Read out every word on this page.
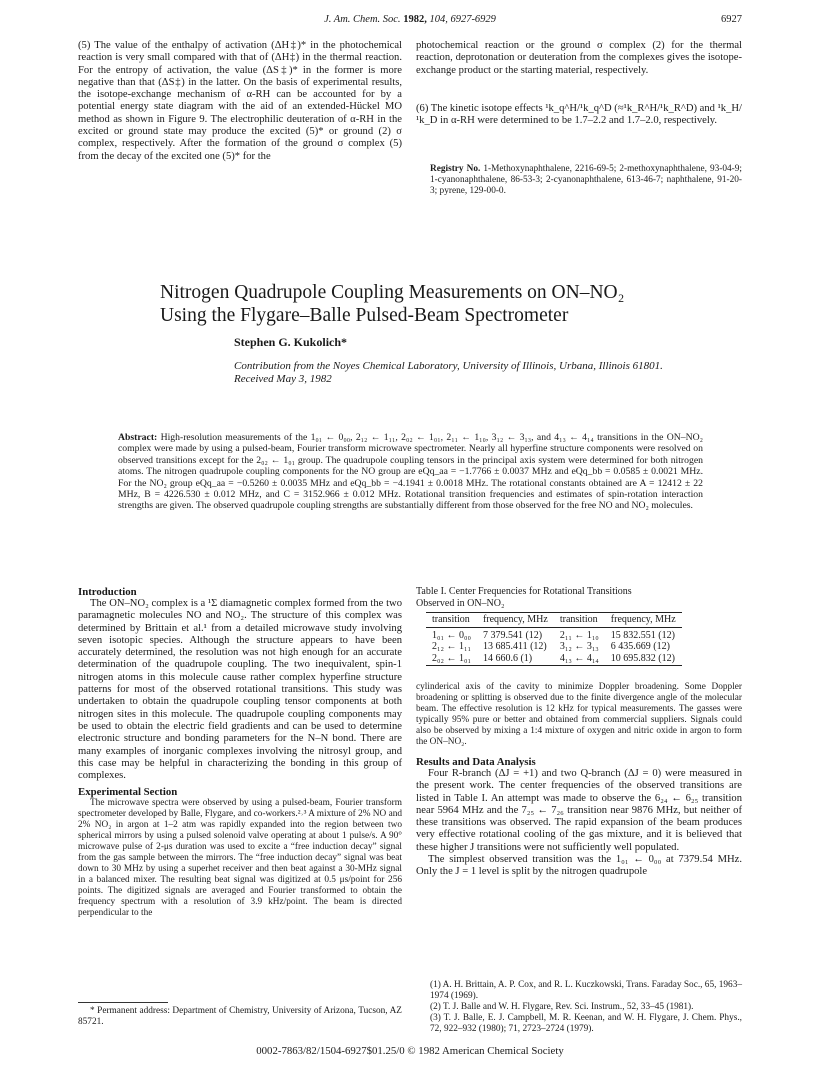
J. Am. Chem. Soc. 1982, 104, 6927-6929	6927

(5) The value of the enthalpy of activation (ΔH‡)* in the photochemical reaction is very small compared with that of (ΔH‡) in the thermal reaction. For the entropy of activation, the value (ΔS‡)* in the former is more negative than that (ΔS‡) in the latter. On the basis of experimental results, the isotope-exchange mechanism of α-RH can be accounted for by a potential energy state diagram with the aid of an extended-Hückel MO method as shown in Figure 9. The electrophilic deuteration of α-RH in the excited or ground state may produce the excited (5)* or ground (2) σ complex, respectively. After the formation of the ground σ complex (5) from the decay of the excited one (5)* for the

photochemical reaction or the ground σ complex (2) for the thermal reaction, deprotonation or deuteration from the complexes gives the isotope-exchange product or the starting material, respectively.

(6) The kinetic isotope effects ¹k_q^H/¹k_q^D (≈¹k_R^H/¹k_R^D) and ¹k_H/¹k_D in α-RH were determined to be 1.7–2.2 and 1.7–2.0, respectively.

Registry No. 1-Methoxynaphthalene, 2216-69-5; 2-methoxynaphthalene, 93-04-9; 1-cyanonaphthalene, 86-53-3; 2-cyanonaphthalene, 613-46-7; naphthalene, 91-20-3; pyrene, 129-00-0.

Nitrogen Quadrupole Coupling Measurements on ON–NO₂
Using the Flygare–Balle Pulsed-Beam Spectrometer
Stephen G. Kukolich*
Contribution from the Noyes Chemical Laboratory, University of Illinois, Urbana, Illinois 61801.
Received May 3, 1982

Abstract: High-resolution measurements of the 1₀₁ ← 0₀₀, 2₁₂ ← 1₁₁, 2₀₂ ← 1₀₁, 2₁₁ ← 1₁₀, 3₁₂ ← 3₁₃, and 4₁₃ ← 4₁₄ transitions in the ON–NO₂ complex were made by using a pulsed-beam, Fourier transform microwave spectrometer. Nearly all hyperfine structure components were resolved on observed transitions except for the 2₀₂ ← 1₀₁ group. The quadrupole coupling tensors in the principal axis system were determined for both nitrogen atoms. The nitrogen quadrupole coupling components for the NO group are eQq_aa = −1.7766 ± 0.0037 MHz and eQq_bb = 0.0585 ± 0.0021 MHz. For the NO₂ group eQq_aa = −0.5260 ± 0.0035 MHz and eQq_bb = −4.1941 ± 0.0018 MHz. The rotational constants obtained are A = 12412 ± 22 MHz, B = 4226.530 ± 0.012 MHz, and C = 3152.966 ± 0.012 MHz. Rotational transition frequencies and estimates of spin-rotation interaction strengths are given. The observed quadrupole coupling strengths are substantially different from those observed for the free NO and NO₂ molecules.

Introduction

The ON–NO₂ complex is a ¹Σ diamagnetic complex formed from the two paramagnetic molecules NO and NO₂. The structure of this complex was determined by Brittain et al.¹ from a detailed microwave study involving seven isotopic species. Although the structure appears to have been accurately determined, the resolution was not high enough for an accurate determination of the quadrupole coupling. The two inequivalent, spin-1 nitrogen atoms in this molecule cause rather complex hyperfine structure patterns for most of the observed rotational transitions. This study was undertaken to obtain the quadrupole coupling tensor components at both nitrogen sites in this molecule. The quadrupole coupling components may be used to obtain the electric field gradients and can be used to determine electronic structure and bonding parameters for the N–N bond. There are many examples of inorganic complexes involving the nitrosyl group, and this case may be helpful in characterizing the bonding in this group of complexes.

Experimental Section

The microwave spectra were observed by using a pulsed-beam, Fourier transform spectrometer developed by Balle, Flygare, and co-workers.²˒³ A mixture of 2% NO and 2% NO₂ in argon at 1–2 atm was rapidly expanded into the region between two spherical mirrors by using a pulsed solenoid valve operating at about 1 pulse/s. A 90° microwave pulse of 2-μs duration was used to excite a “free induction decay” signal from the gas sample between the mirrors. The “free induction decay” signal was beat down to 30 MHz by using a superhet receiver and then beat against a 30-MHz signal in a balanced mixer. The resulting beat signal was digitized at 0.5 μs/point for 256 points. The digitized signals are averaged and Fourier transformed to obtain the frequency spectrum with a resolution of 3.9 kHz/point. The beam is directed perpendicular to the

* Permanent address: Department of Chemistry, University of Arizona, Tucson, AZ 85721.

Table I. Center Frequencies for Rotational Transitions
Observed in ON–NO₂
transition	frequency, MHz	transition	frequency, MHz
1₀₁ ← 0₀₀	7 379.541 (12)	2₁₁ ← 1₁₀	15 832.551 (12)
2₁₂ ← 1₁₁	13 685.411 (12)	3₁₂ ← 3₁₃	6 435.669 (12)
2₀₂ ← 1₀₁	14 660.6 (1)	4₁₃ ← 4₁₄	10 695.832 (12)

cylinderical axis of the cavity to minimize Doppler broadening. Some Doppler broadening or splitting is observed due to the finite divergence angle of the molecular beam. The effective resolution is 12 kHz for typical measurements. The gasses were typically 95% pure or better and obtained from commercial suppliers. Signals could also be observed by mixing a 1:4 mixture of oxygen and nitric oxide in argon to form the ON–NO₂.

Results and Data Analysis

Four R-branch (ΔJ = +1) and two Q-branch (ΔJ = 0) were measured in the present work. The center frequencies of the observed transitions are listed in Table I. An attempt was made to observe the 6₂₄ ← 6₂₅ transition near 5964 MHz and the 7₂₅ ← 7₂₆ transition near 9876 MHz, but neither of these transitions was observed. The rapid expansion of the beam produces very effective rotational cooling of the gas mixture, and it is believed that these higher J transitions were not sufficiently well populated.

The simplest observed transition was the 1₀₁ ← 0₀₀ at 7379.54 MHz. Only the J = 1 level is split by the nitrogen quadrupole

(1) A. H. Brittain, A. P. Cox, and R. L. Kuczkowski, Trans. Faraday Soc., 65, 1963–1974 (1969).

(2) T. J. Balle and W. H. Flygare, Rev. Sci. Instrum., 52, 33–45 (1981).

(3) T. J. Balle, E. J. Campbell, M. R. Keenan, and W. H. Flygare, J. Chem. Phys., 72, 922–932 (1980); 71, 2723–2724 (1979).

0002-7863/82/1504-6927$01.25/0 © 1982 American Chemical Society
